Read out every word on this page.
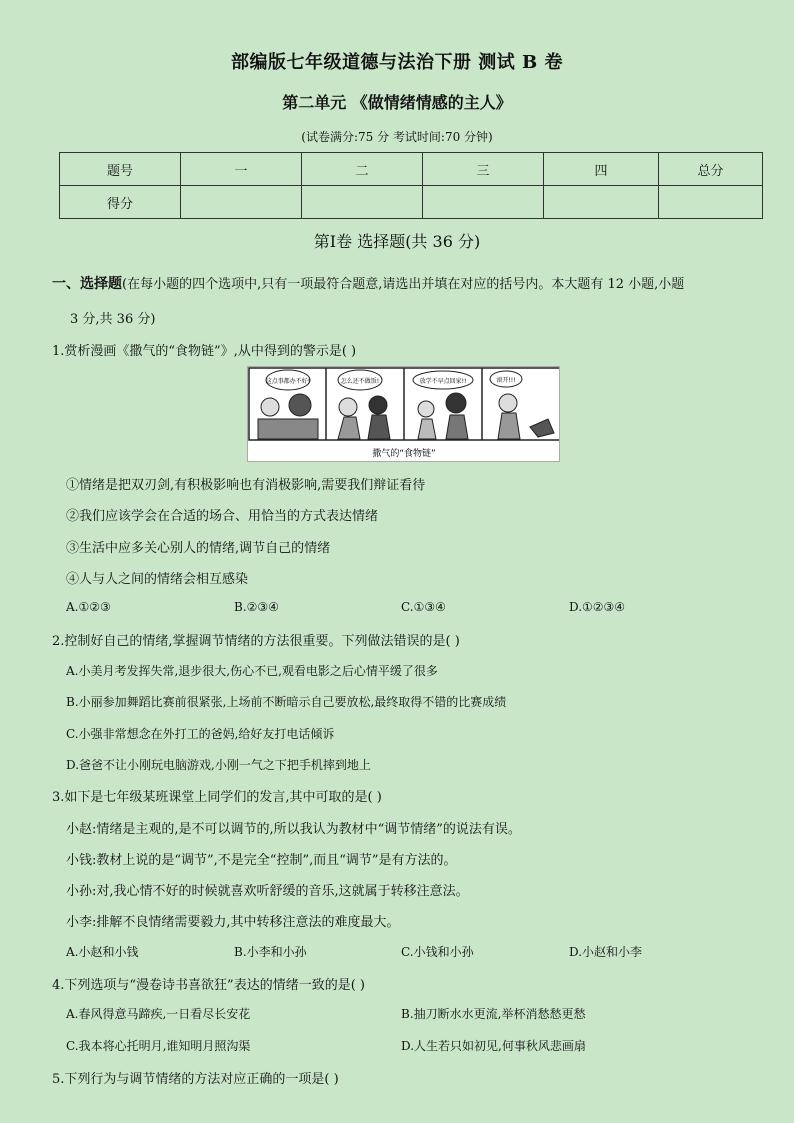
部编版七年级道德与法治下册 测试 B 卷
第二单元 《做情绪情感的主人》
(试卷满分:75 分 考试时间:70 分钟)
题号	一	二	三	四	总分
得分					
第Ⅰ卷 选择题(共 36 分)
一、选择题(在每小题的四个选项中,只有一项最符合题意,请选出并填在对应的括号内。本大题有 12 小题,小题
3 分,共 36 分)
1.赏析漫画《撒气的“食物链”》,从中得到的警示是( )
这点事都办不好!	怎么还不做饭!	放学不早点回家!!	滚开!!!
撒气的“食物链”
①情绪是把双刃剑,有积极影响也有消极影响,需要我们辩证看待
②我们应该学会在合适的场合、用恰当的方式表达情绪
③生活中应多关心别人的情绪,调节自己的情绪
④人与人之间的情绪会相互感染
A.①②③	B.②③④	C.①③④	D.①②③④
2.控制好自己的情绪,掌握调节情绪的方法很重要。下列做法错误的是( )
A.小美月考发挥失常,退步很大,伤心不已,观看电影之后心情平缓了很多
B.小丽参加舞蹈比赛前很紧张,上场前不断暗示自己要放松,最终取得不错的比赛成绩
C.小强非常想念在外打工的爸妈,给好友打电话倾诉
D.爸爸不让小刚玩电脑游戏,小刚一气之下把手机摔到地上
3.如下是七年级某班课堂上同学们的发言,其中可取的是( )
小赵:情绪是主观的,是不可以调节的,所以我认为教材中“调节情绪”的说法有误。
小钱:教材上说的是“调节”,不是完全“控制”,而且“调节”是有方法的。
小孙:对,我心情不好的时候就喜欢听舒缓的音乐,这就属于转移注意法。
小李:排解不良情绪需要毅力,其中转移注意法的难度最大。
A.小赵和小钱	B.小李和小孙	C.小钱和小孙	D.小赵和小李
4.下列选项与“漫卷诗书喜欲狂”表达的情绪一致的是( )
A.春风得意马蹄疾,一日看尽长安花	B.抽刀断水水更流,举杯消愁愁更愁
C.我本将心托明月,谁知明月照沟渠	D.人生若只如初见,何事秋风悲画扇
5.下列行为与调节情绪的方法对应正确的一项是( )
